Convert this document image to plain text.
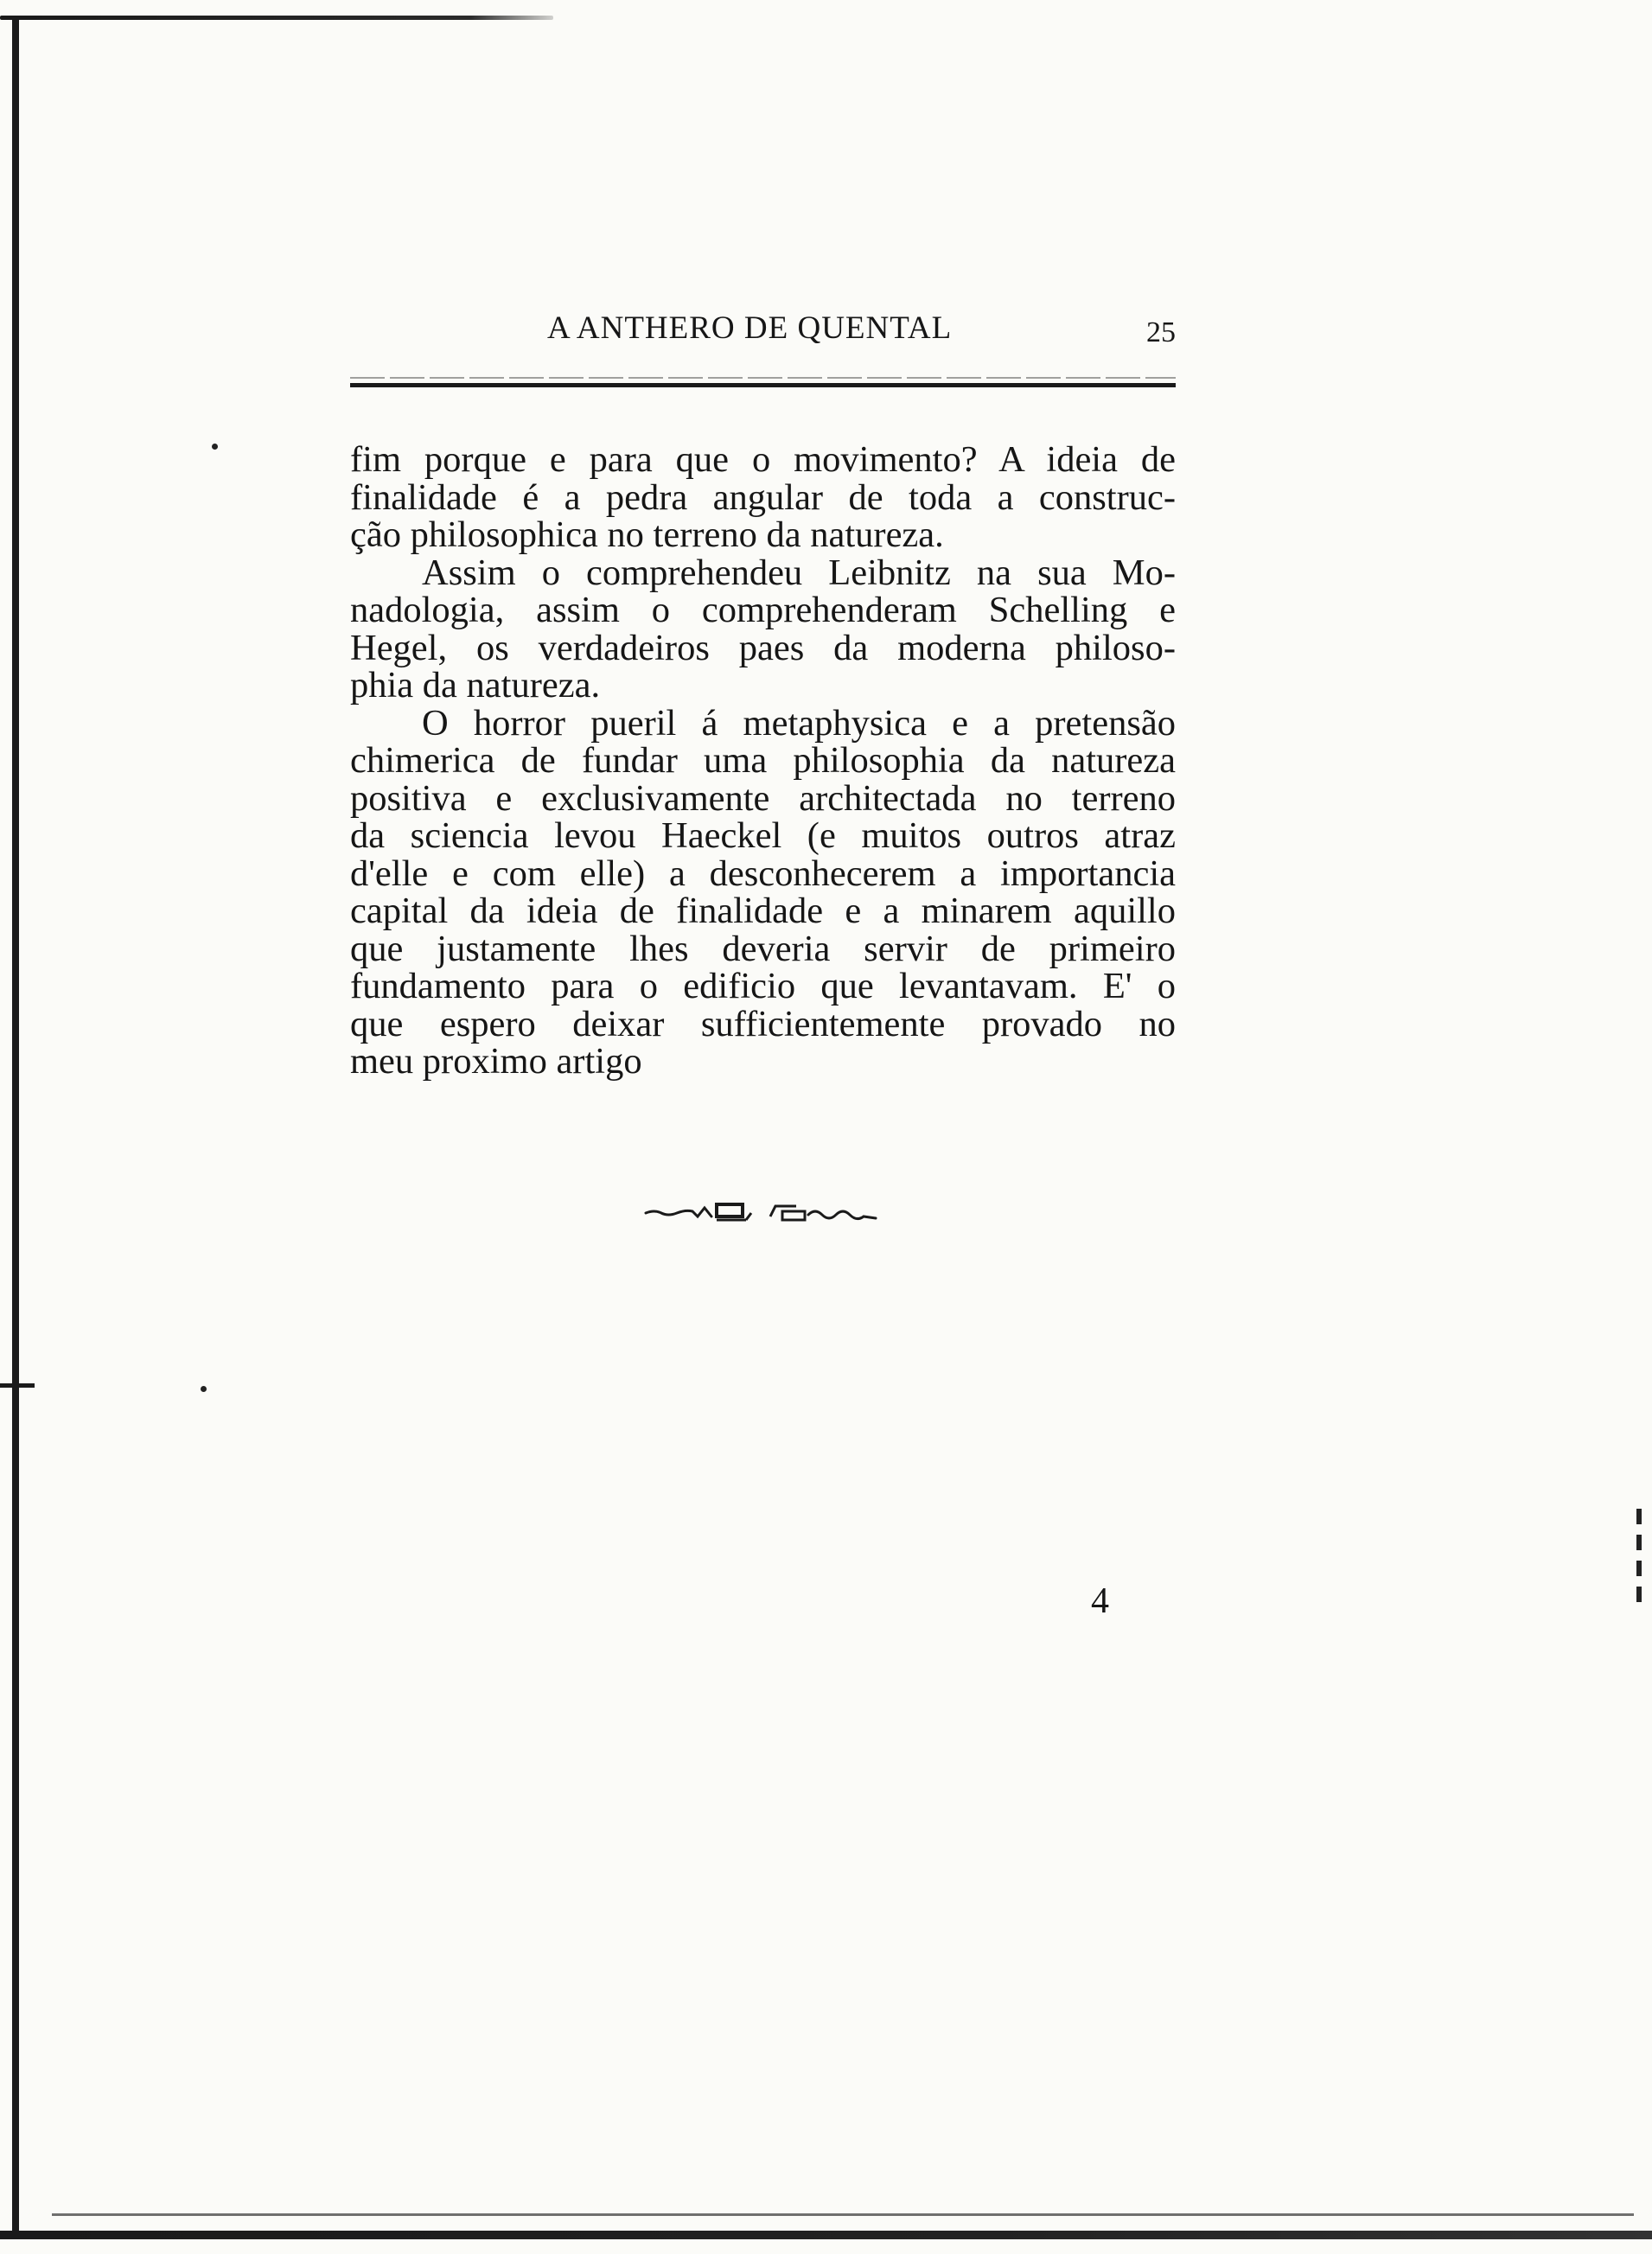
A ANTHERO DE QUENTAL	25
fim porque e para que o movimento? A ideia de
finalidade é a pedra angular de toda a construc-
ção philosophica no terreno da natureza.
Assim o comprehendeu Leibnitz na sua Mo-
nadologia, assim o comprehenderam Schelling e
Hegel, os verdadeiros paes da moderna philoso-
phia da natureza.
O horror pueril á metaphysica e a pretensão
chimerica de fundar uma philosophia da natureza
positiva e exclusivamente architectada no terreno
da sciencia levou Haeckel (e muitos outros atraz
d'elle e com elle) a desconhecerem a importancia
capital da ideia de finalidade e a minarem aquillo
que justamente lhes deveria servir de primeiro
fundamento para o edificio que levantavam. E' o
que espero deixar sufficientemente provado no
meu proximo artigo
4
